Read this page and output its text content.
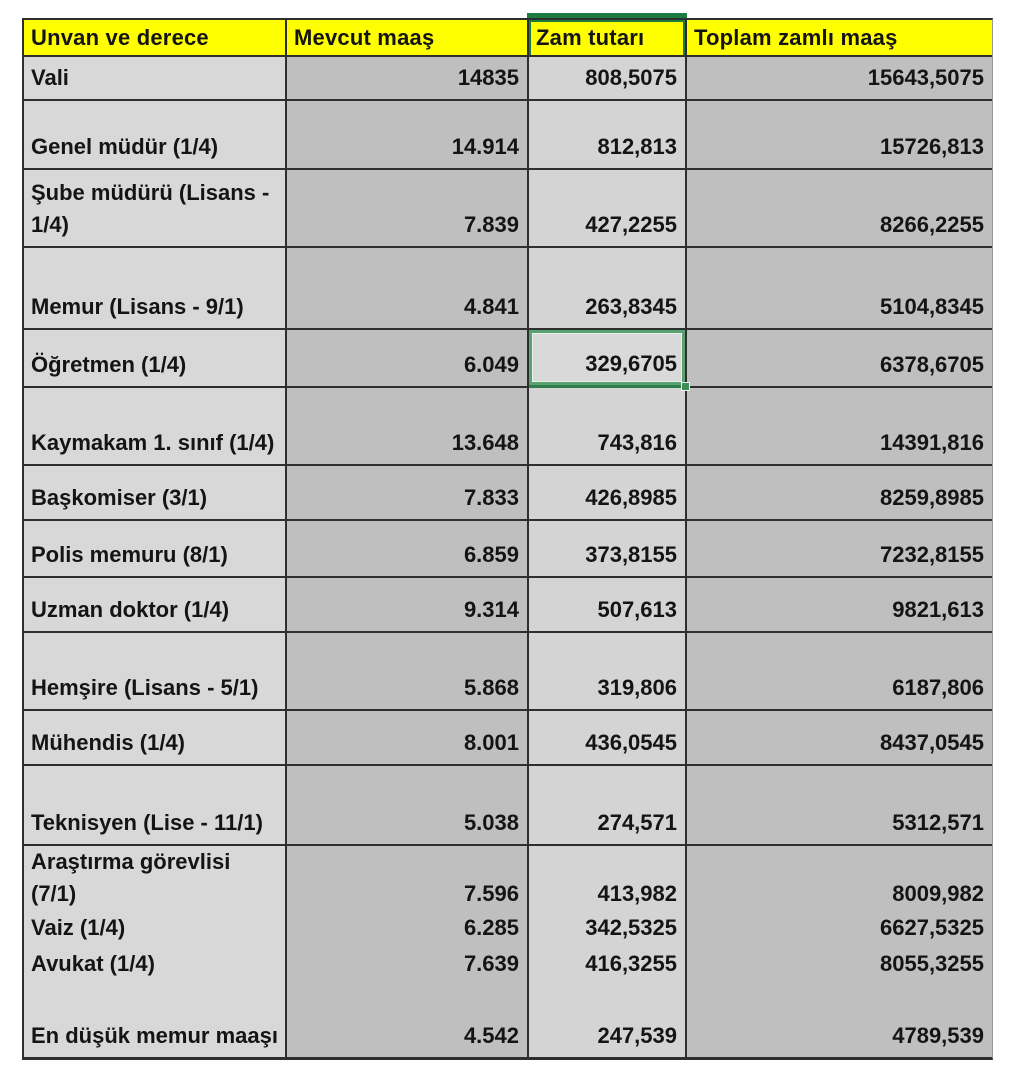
Unvan ve derece	Mevcut maaş	Zam tutarı	Toplam zamlı maaş
Vali	14835	808,5075	15643,5075
Genel müdür (1/4)	14.914	812,813	15726,813
Şube müdürü (Lisans - 1/4)	7.839	427,2255	8266,2255
Memur (Lisans - 9/1)	4.841	263,8345	5104,8345
Öğretmen (1/4)	6.049	329,6705	6378,6705
Kaymakam 1. sınıf (1/4)	13.648	743,816	14391,816
Başkomiser (3/1)	7.833	426,8985	8259,8985
Polis memuru (8/1)	6.859	373,8155	7232,8155
Uzman doktor (1/4)	9.314	507,613	9821,613
Hemşire (Lisans - 5/1)	5.868	319,806	6187,806
Mühendis (1/4)	8.001	436,0545	8437,0545
Teknisyen (Lise - 11/1)	5.038	274,571	5312,571
Araştırma görevlisi (7/1)	7.596	413,982	8009,982
Vaiz (1/4)	6.285	342,5325	6627,5325
Avukat (1/4)	7.639	416,3255	8055,3255
En düşük memur maaşı	4.542	247,539	4789,539
